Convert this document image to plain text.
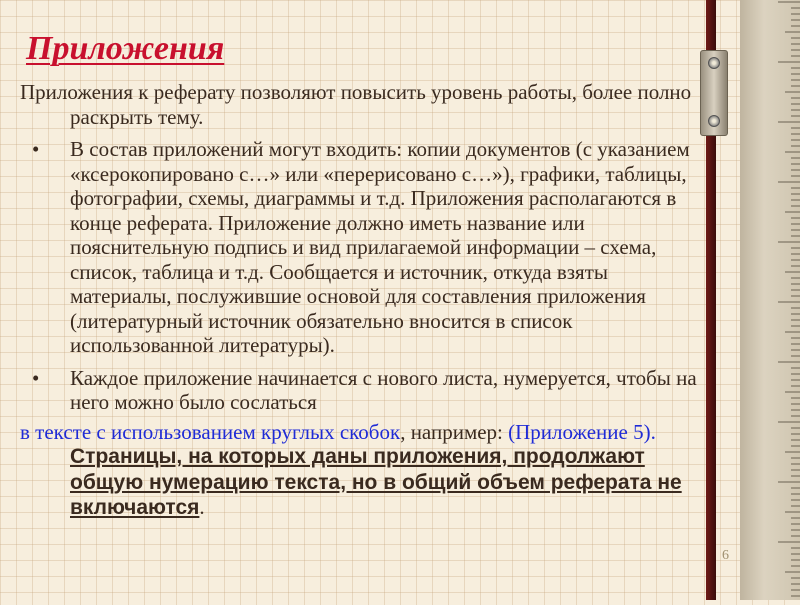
Приложения

Приложения к реферату позволяют повысить уровень работы, более полно раскрыть тему.

• В состав приложений могут входить: копии документов (с указанием «ксерокопировано с…» или «перерисовано с…»), графики, таблицы, фотографии, схемы, диаграммы и т.д. Приложения располагаются в конце реферата. Приложение должно иметь название или пояснительную подпись и вид прилагаемой информации – схема, список, таблица и т.д. Сообщается и источник, откуда взяты материалы, послужившие основой для составления приложения (литературный источник обязательно вносится в список использованной литературы).
• Каждое приложение начинается с нового листа, нумеруется, чтобы на него можно было сослаться

в тексте с использованием круглых скобок, например: (Приложение 5). Страницы, на которых даны приложения, продолжают общую нумерацию текста, но в общий объем реферата не включаются.

6
